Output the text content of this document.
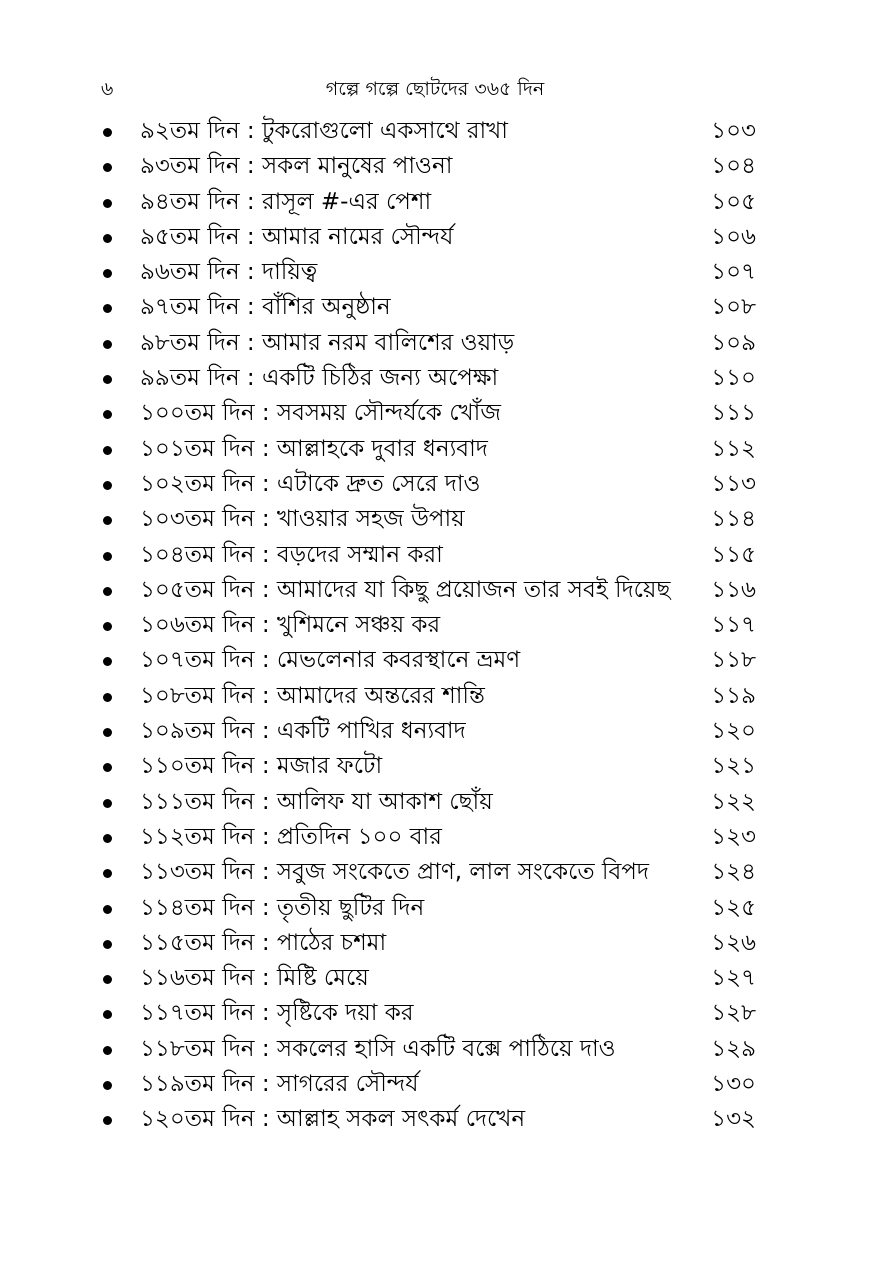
৬	গল্পে গল্পে ছোটদের ৩৬৫ দিন
৯২তম দিন : টুকরোগুলো একসাথে রাখা	১০৩
৯৩তম দিন : সকল মানুষের পাওনা	১০৪
৯৪তম দিন : রাসূল #-এর পেশা	১০৫
৯৫তম দিন : আমার নামের সৌন্দর্য	১০৬
৯৬তম দিন : দায়িত্ব	১০৭
৯৭তম দিন : বাঁশির অনুষ্ঠান	১০৮
৯৮তম দিন : আমার নরম বালিশের ওয়াড়	১০৯
৯৯তম দিন : একটি চিঠির জন্য অপেক্ষা	১১০
১০০তম দিন : সবসময় সৌন্দর্যকে খোঁজ	১১১
১০১তম দিন : আল্লাহকে দুবার ধন্যবাদ	১১২
১০২তম দিন : এটাকে দ্রুত সেরে দাও	১১৩
১০৩তম দিন : খাওয়ার সহজ উপায়	১১৪
১০৪তম দিন : বড়দের সম্মান করা	১১৫
১০৫তম দিন : আমাদের যা কিছু প্রয়োজন তার সবই দিয়েছ	১১৬
১০৬তম দিন : খুশিমনে সঞ্চয় কর	১১৭
১০৭তম দিন : মেভলেনার কবরস্থানে ভ্রমণ	১১৮
১০৮তম দিন : আমাদের অন্তরের শান্তি	১১৯
১০৯তম দিন : একটি পাখির ধন্যবাদ	১২০
১১০তম দিন : মজার ফটো	১২১
১১১তম দিন : আলিফ যা আকাশ ছোঁয়	১২২
১১২তম দিন : প্রতিদিন ১০০ বার	১২৩
১১৩তম দিন : সবুজ সংকেতে প্রাণ, লাল সংকেতে বিপদ	১২৪
১১৪তম দিন : তৃতীয় ছুটির দিন	১২৫
১১৫তম দিন : পাঠের চশমা	১২৬
১১৬তম দিন : মিষ্টি মেয়ে	১২৭
১১৭তম দিন : সৃষ্টিকে দয়া কর	১২৮
১১৮তম দিন : সকলের হাসি একটি বক্সে পাঠিয়ে দাও	১২৯
১১৯তম দিন : সাগরের সৌন্দর্য	১৩০
১২০তম দিন : আল্লাহ সকল সৎকর্ম দেখেন	১৩২
